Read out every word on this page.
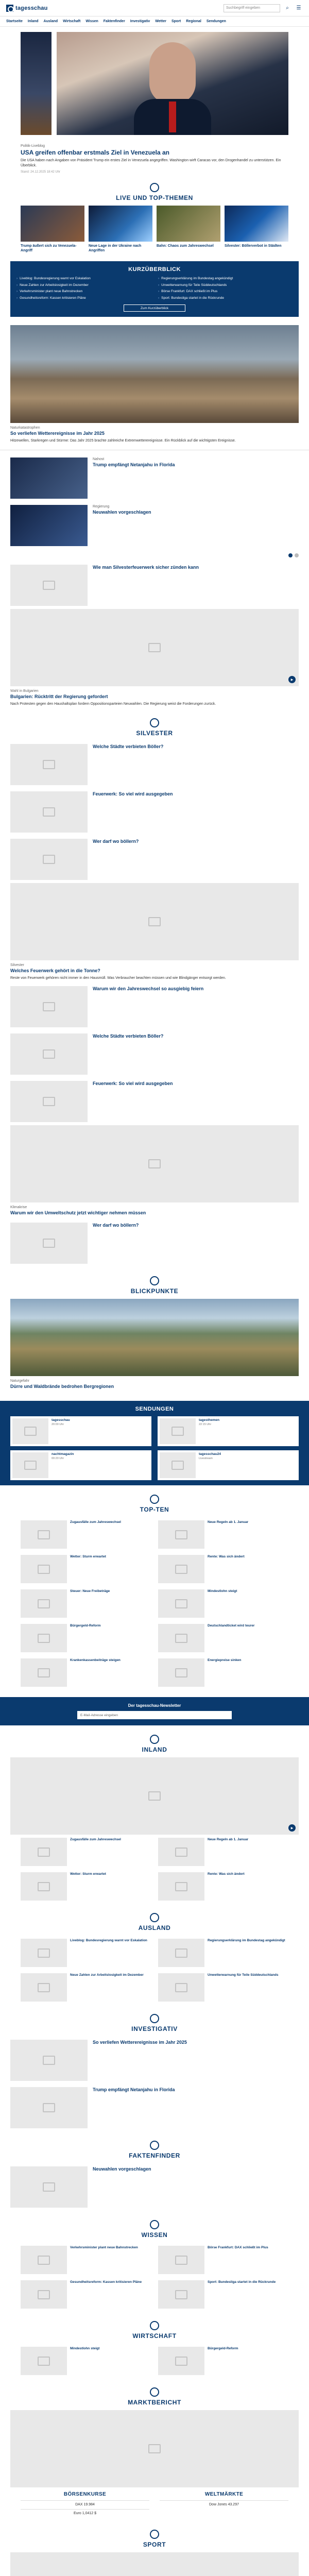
tagesschau	Suchbegriff eingeben	⌕	☰
Startseite Inland Ausland Wirtschaft Wissen Faktenfinder Investigativ Wetter Sport Regional Sendungen
Politik-Liveblog
USA greifen offenbar erstmals Ziel in Venezuela an

Die USA haben nach Angaben von Präsident Trump ein erstes Ziel in Venezuela angegriffen. Washington wirft Caracas vor, den Drogenhandel zu unterstützen. Ein Überblick.

Stand: 24.12.2025 18:42 Uhr
LIVE UND TOP-THEMEN
Trump äußert sich zu Venezuela-Angriff
Neue Lage in der Ukraine nach Angriffen
Bahn: Chaos zum Jahreswechsel	Silvester: Böllerverbot in Städten
KURZÜBERBLICK
› Liveblog: Bundesregierung warnt vor Eskalation	› Regierungserklärung im Bundestag angekündigt
› Neue Zahlen zur Arbeitslosigkeit im Dezember	› Unwetterwarnung für Teile Süddeutschlands
› Verkehrsminister plant neue Bahnstrecken	› Börse Frankfurt: DAX schließt im Plus
› Gesundheitsreform: Kassen kritisieren Pläne	› Sport: Bundesliga startet in die Rückrunde
Zum Kurzüberblick
Naturkatastrophen
So verliefen Wetterereignisse im Jahr 2025

Hitzewellen, Starkregen und Stürme: Das Jahr 2025 brachte zahlreiche Extremwetterereignisse. Ein Rückblick auf die wichtigsten Ereignisse.

Nahost
Trump empfängt Netanjahu in Florida
Regierung
Neuwahlen vorgeschlagen
Wie man Silvesterfeuerwerk sicher zünden kann
▶
Wahl in Bulgarien
Bulgarien: Rücktritt der Regierung gefordert

Nach Protesten gegen den Haushaltsplan fordern Oppositionsparteien Neuwahlen. Die Regierung weist die Forderungen zurück.

SILVESTER
Welche Städte verbieten Böller?
Feuerwerk: So viel wird ausgegeben
Wer darf wo böllern?
Silvester
Welches Feuerwerk gehört in die Tonne?

Reste von Feuerwerk gehören nicht immer in den Hausmüll. Was Verbraucher beachten müssen und wie Blindgänger entsorgt werden.

Warum wir den Jahreswechsel so ausgiebig feiern
Welche Städte verbieten Böller?
Feuerwerk: So viel wird ausgegeben
Klimakrise
Warum wir den Umweltschutz jetzt wichtiger nehmen müssen
Wer darf wo böllern?
BLICKPUNKTE
Naturgefahr
Dürre und Waldbrände bedrohen Bergregionen
SENDUNGEN
tagesschau
20:00 Uhr
tagesthemen
22:15 Uhr
nachtmagazin
00:20 Uhr
tagesschau24
Livestream
TOP-TEN
Zugausfälle zum Jahreswechsel	Neue Regeln ab 1. Januar
Wetter: Sturm erwartet	Rente: Was sich ändert
Steuer: Neue Freibeträge	Mindestlohn steigt
Bürgergeld-Reform	Deutschlandticket wird teurer
Krankenkassenbeiträge steigen	Energiepreise sinken
Der tagesschau-Newsletter
E-Mail-Adresse eingeben
INLAND
▶
Zugausfälle zum Jahreswechsel	Neue Regeln ab 1. Januar
Wetter: Sturm erwartet	Rente: Was sich ändert
AUSLAND
Liveblog: Bundesregierung warnt vor Eskalation	Regierungserklärung im Bundestag angekündigt
Neue Zahlen zur Arbeitslosigkeit im Dezember	Unwetterwarnung für Teile Süddeutschlands
INVESTIGATIV
So verliefen Wetterereignisse im Jahr 2025
Trump empfängt Netanjahu in Florida
FAKTENFINDER
Neuwahlen vorgeschlagen
WISSEN
Verkehrsminister plant neue Bahnstrecken	Börse Frankfurt: DAX schließt im Plus
Gesundheitsreform: Kassen kritisieren Pläne	Sport: Bundesliga startet in die Rückrunde
WIRTSCHAFT
Mindestlohn steigt	Bürgergeld-Reform
MARKTBERICHT
BÖRSENKURSE
DAX 19.984
Euro 1,0412 $
WELTMÄRKTE
Dow Jones 43.297
SPORT
